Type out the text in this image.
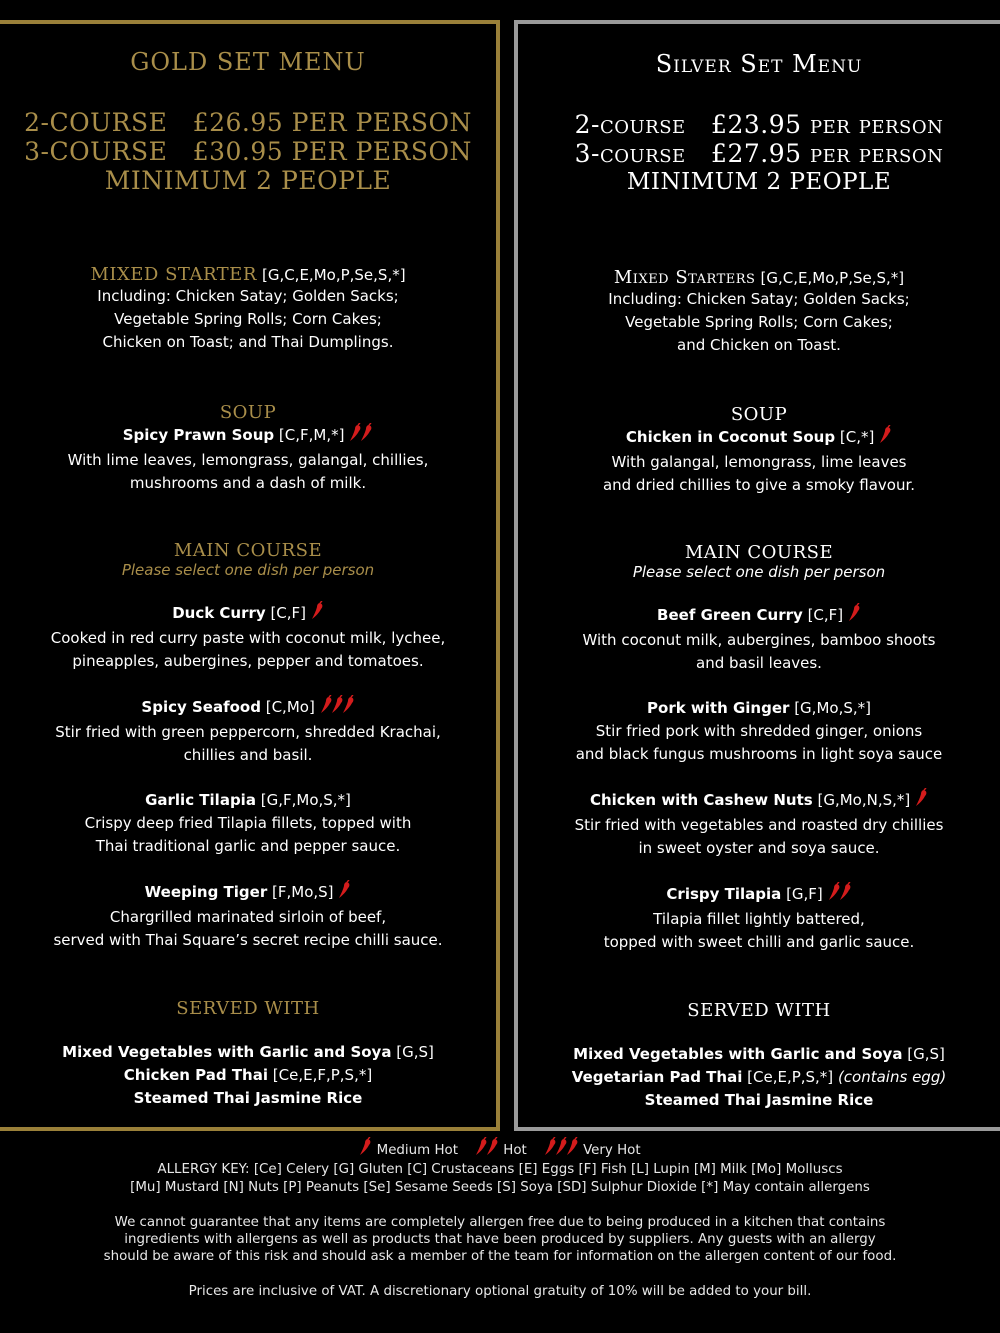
GOLD SET MENU
2-COURSE   £26.95 PER PERSON
3-COURSE   £30.95 PER PERSON
MINIMUM 2 PEOPLE
MIXED STARTER [G,C,E,Mo,P,Se,S,*]
Including: Chicken Satay; Golden Sacks;
Vegetable Spring Rolls; Corn Cakes;
Chicken on Toast; and Thai Dumplings.
SOUP
Spicy Prawn Soup [C,F,M,*]
With lime leaves, lemongrass, galangal, chillies,
mushrooms and a dash of milk.
MAIN COURSE
Please select one dish per person
Duck Curry [C,F]
Cooked in red curry paste with coconut milk, lychee,
pineapples, aubergines, pepper and tomatoes.
Spicy Seafood [C,Mo]
Stir fried with green peppercorn, shredded Krachai,
chillies and basil.
Garlic Tilapia [G,F,Mo,S,*]
Crispy deep fried Tilapia fillets, topped with
Thai traditional garlic and pepper sauce.
Weeping Tiger [F,Mo,S]
Chargrilled marinated sirloin of beef,
served with Thai Square’s secret recipe chilli sauce.
SERVED WITH
Mixed Vegetables with Garlic and Soya [G,S]
Chicken Pad Thai [Ce,E,F,P,S,*]
Steamed Thai Jasmine Rice
Silver Set Menu
2-course   £23.95 per person
3-course   £27.95 per person
MINIMUM 2 PEOPLE
Mixed Starters [G,C,E,Mo,P,Se,S,*]
Including: Chicken Satay; Golden Sacks;
Vegetable Spring Rolls; Corn Cakes;
and Chicken on Toast.
SOUP
Chicken in Coconut Soup [C,*]
With galangal, lemongrass, lime leaves
and dried chillies to give a smoky flavour.
MAIN COURSE
Please select one dish per person
Beef Green Curry [C,F]
With coconut milk, aubergines, bamboo shoots
and basil leaves.
Pork with Ginger [G,Mo,S,*]
Stir fried pork with shredded ginger, onions
and black fungus mushrooms in light soya sauce
Chicken with Cashew Nuts [G,Mo,N,S,*]
Stir fried with vegetables and roasted dry chillies
in sweet oyster and soya sauce.
Crispy Tilapia [G,F]
Tilapia fillet lightly battered,
topped with sweet chilli and garlic sauce.
SERVED WITH
Mixed Vegetables with Garlic and Soya [G,S]
Vegetarian Pad Thai [Ce,E,P,S,*] (contains egg)
Steamed Thai Jasmine Rice
Medium Hot	Hot	Very Hot
ALLERGY KEY: [Ce] Celery [G] Gluten [C] Crustaceans [E] Eggs [F] Fish [L] Lupin [M] Milk [Mo] Molluscs
[Mu] Mustard [N] Nuts [P] Peanuts [Se] Sesame Seeds [S] Soya [SD] Sulphur Dioxide [*] May contain allergens
We cannot guarantee that any items are completely allergen free due to being produced in a kitchen that contains
ingredients with allergens as well as products that have been produced by suppliers. Any guests with an allergy
should be aware of this risk and should ask a member of the team for information on the allergen content of our food.
Prices are inclusive of VAT. A discretionary optional gratuity of 10% will be added to your bill.
